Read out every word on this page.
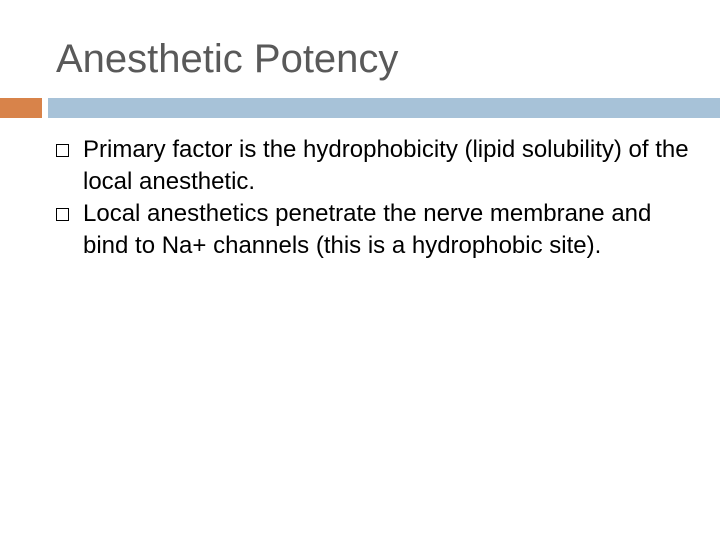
Anesthetic Potency
Primary factor is the hydrophobicity (lipid solubility) of the local anesthetic.
Local anesthetics penetrate the nerve membrane and bind to Na+ channels (this is a hydrophobic site).
